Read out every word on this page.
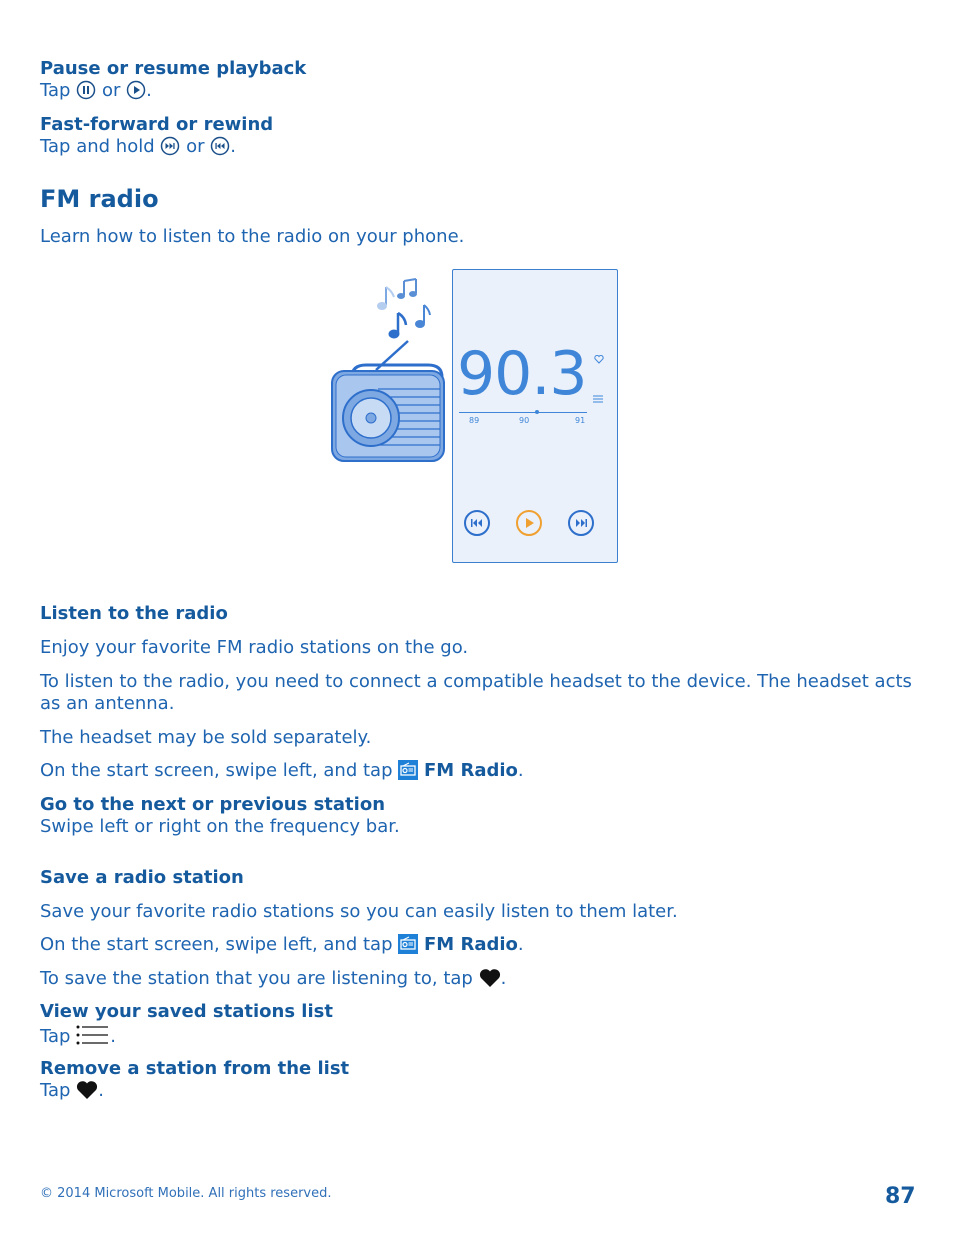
Pause or resume playback
Tap or .
Fast-forward or rewind
Tap and hold or .
FM radio
Learn how to listen to the radio on your phone.
90.3
89	90	91
Listen to the radio
Enjoy your favorite FM radio stations on the go.
To listen to the radio, you need to connect a compatible headset to the device. The headset acts as an antenna.
The headset may be sold separately.
On the start screen, swipe left, and tap FM Radio.
Go to the next or previous station
Swipe left or right on the frequency bar.
Save a radio station
Save your favorite radio stations so you can easily listen to them later.
On the start screen, swipe left, and tap FM Radio.
To save the station that you are listening to, tap .
View your saved stations list
Tap .
Remove a station from the list
Tap .
© 2014 Microsoft Mobile. All rights reserved.	87
